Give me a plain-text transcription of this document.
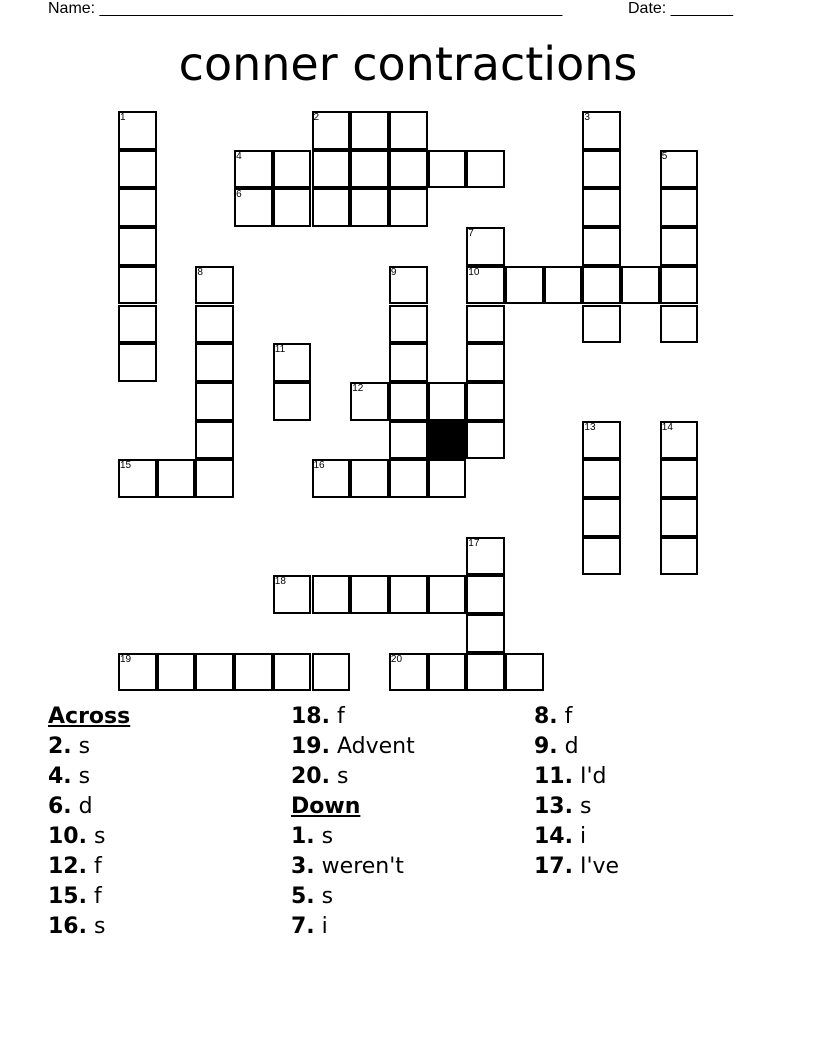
Name: ____________________________________________________	Date: _______
conner contractions
1	2	3
4	5
6
7
8	9	10
11
12
13	14
15	16
17
18
19	20
Across
2. s
4. s
6. d
10. s
12. f
15. f
16. s
18. f
19. Advent
20. s
Down
1. s
3. weren't
5. s
7. i
8. f
9. d
11. I'd
13. s
14. i
17. I've
